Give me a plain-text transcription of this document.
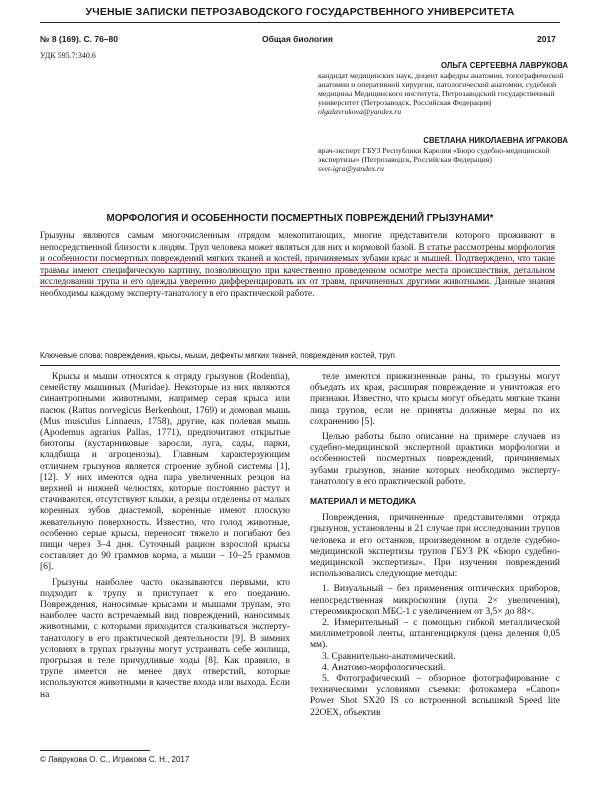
УЧЕНЫЕ ЗАПИСКИ ПЕТРОЗАВОДСКОГО ГОСУДАРСТВЕННОГО УНИВЕРСИТЕТА
№ 8 (169). С. 76–80	Общая биология	2017
УДК 595.7:340.6
ОЛЬГА СЕРГЕЕВНА ЛАВРУКОВА
кандидат медицинских наук, доцент кафедры анатомии, топографической анатомии и оперативной хирургии, патологической анатомии, судебной медицины Медицинского института, Петрозаводский государственный университет (Петрозаводск, Российская Федерация)
olgalavrukova@yandex.ru
СВЕТЛАНА НИКОЛАЕВНА ИГРАКОВА
врач-эксперт ГБУЗ Республики Карелия «Бюро судебно-медицинской экспертизы» (Петрозаводск, Российская Федерация)
svet-igra@yandex.ru
МОРФОЛОГИЯ И ОСОБЕННОСТИ ПОСМЕРТНЫХ ПОВРЕЖДЕНИЙ ГРЫЗУНАМИ*
Грызуны являются самым многочисленным отрядом млекопитающих, многие представители которого проживают в непосредственной близости к людям. Труп человека может являться для них и кормовой базой. В статье рассмотрены морфология и особенности посмертных повреждений мягких тканей и костей, причиняемых зубами крыс и мышей. Подтверждено, что такие травмы имеют специфическую картину, позволяющую при качественно проведенном осмотре места происшествия, детальном исследовании трупа и его одежды уверенно дифференцировать их от травм, причиненных другими животными. Данные знания необходимы каждому эксперту-танатологу в его практической работе.
Ключевые слова: повреждения, крысы, мыши, дефекты мягких тканей, повреждения костей, труп

Крысы и мыши относятся к отряду грызунов (Rodentia), семейству мышиных (Muridae). Некоторые из них являются синантропными животными, например серая крыса или пасюк (Rattus norvegicus Berkenhout, 1769) и домовая мышь (Mus musculus Linnaeus, 1758), другие, как полевая мышь (Apodemus agrarius Pallas, 1771), предпочитают открытые биотопы (кустарниковые заросли, луга, сады, парки, кладбища и агроценозы). Главным характерзующим отличием грызунов является строение зубной системы [1], [12]. У них имеются одна пара увеличенных резцов на верхней и нижней челюстях, которые постоянно растут и стачиваются, отсутствуют клыки, а резцы отделены от малых коренных зубов диастемой, коренные имеют плоскую жевательную поверхность. Известно, что голод животные, особенно серые крысы, переносят тяжело и погибают без пищи через 3–4 дня. Суточный рацион взрослой крысы составляет до 90 граммов корма, а мыши – 10–25 граммов [6].

Грызуны наиболее часто оказываются первыми, кто подходит к трупу и приступает к его поеданию. Повреждения, наносимые крысами и мышами трупам, это наиболее часто встречаемый вид повреждений, наносимых животными, с которыми приходится сталкиваться эксперту-танатологу в его практической деятельности [9]. В зимних условиях в трупах грызуны могут устраивать себе жилища, прогрызая в теле причудливые ходы [8]. Как правило, в трупе имеется не менее двух отверстий, которые используются животными в качестве входа или выхода. Если на

теле имеются прижизненные раны, то грызуны могут объедать их края, расширяя повреждение и уничтожая его признаки. Известно, что крысы могут объедать мягкие ткани лица трупов, если не приняты должные меры по их сохранению [5].

Целью работы было описание на примере случаев из судебно-медицинской экспертной практики морфологии и особенностей посмертных повреждений, причиняемых зубами грызунов, знание которых необходимо эксперту-танатологу в его практической работе.

МАТЕРИАЛ И МЕТОДИКА

Повреждения, причиненные представителями отряда грызунов, установлены в 21 случае при исследовании трупов человека и его останков, произведенном в отделе судебно-медицинской экспертизы трупов ГБУЗ РК «Бюро судебно-медицинской экспертизы». При изучении повреждений использовались следующие методы:

1. Визуальный – без применения оптических приборов, непосредственная микроскопия (лупа 2× увеличения), стереомикроскоп МБС-1 с увеличением от 3,5× до 88×.

2. Измерительный – с помощью гибкой металлической миллиметровой ленты, штангенциркуля (цена деления 0,05 мм).

3. Сравнительно-анатомический.

4. Анатомо-морфологический.

5. Фотографический – обзорное фотографирование с техническими условиями съемки: фотокамера «Canon» Power Shot SX20 IS со встроенной вспышкой Speed lite 22ОЕХ, объектив

© Лаврукова О. С., Игракова С. Н., 2017
